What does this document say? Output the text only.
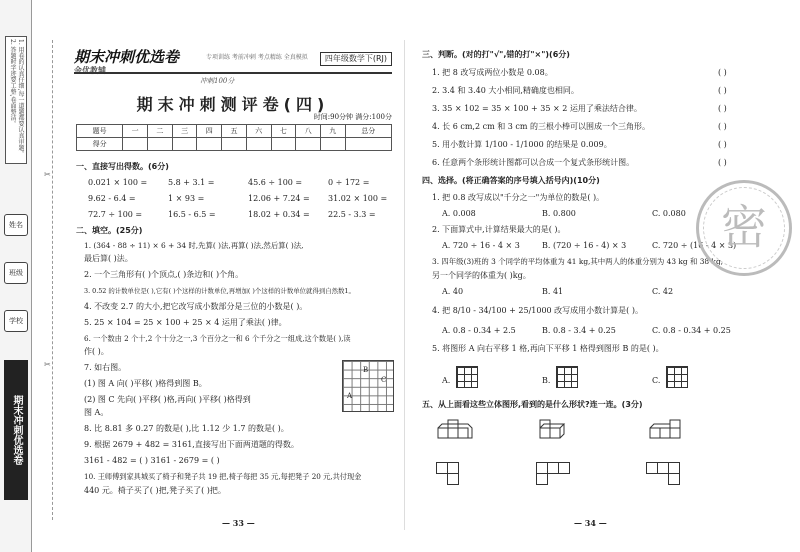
1. 用卷的认真仔细,每一道题都要认真审题。
2. 答题时字迹要工整,卷面整洁。
姓名
班级
学校
期末冲刺优选卷
✂
✂
期末冲刺优选卷
金优教辅
专项训练 考前冲刺 考点精练 全真模拟	四年级数学下(RJ)
冲刺100分
期末冲刺测评卷(四)
时间:90分钟 满分:100分
题号	一	二	三	四	五	六	七	八	九	总分
得分										
一、直接写出得数。(6分)
0.021 × 100 =	5.8 + 3.1 =	45.6 ÷ 100 =	0 ÷ 172 =
9.62 - 6.4 =	1 × 93 =	12.06 + 7.24 = 31.02 × 100 =
72.7 ÷ 100 =	16.5 - 6.5 =	18.02 + 0.34 = 22.5 - 3.3 =
二、填空。(25分)
1. (364 - 88 ÷ 11) × 6 + 34 时,先算( )法,再算( )法,然后算( )法,
最后算( )法。
2. 一个三角形有( )个顶点,( )条边和( )个角。
3. 0.52 的计数单位是( ),它有( )个这样的计数单位,再增加( )个这样的计数单位就得到自然数1。
4. 不改变 2.7 的大小,把它改写成小数部分是三位的小数是( )。
5. 25 × 104 = 25 × 100 + 25 × 4 运用了乘法( )律。
6. 一个数由 2 个十,2 个十分之一,3 个百分之一和 6 个千分之一组成,这个数是( ),读
作( )。
7. 如右图。
(1) 图 A 向( )平移( )格得到图 B。
(2) 图 C 先向( )平移( )格,再向( )平移( )格得到
图 A。
8. 比 8.81 多 0.27 的数是( ),比 1.12 少 1.7 的数是( )。
9. 根据 2679 + 482 = 3161,直接写出下面两道题的得数。
3161 - 482 = ( ) 3161 - 2679 = ( )
10. 王师傅到家具城买了椅子和凳子共 19 把,椅子每把 35 元,每把凳子 20 元,共付现金
440 元。椅子买了( )把,凳子买了( )把。
B
A
C
— 33 —
三、判断。(对的打"√",错的打"×")(6分)
1. 把 8 改写成两位小数是 0.08。	( )
2. 3.4 和 3.40 大小相同,精确度也相同。	( )
3. 35 × 102 = 35 × 100 + 35 × 2 运用了乘法结合律。	( )
4. 长 6 cm,2 cm 和 3 cm 的三根小棒可以围成一个三角形。	( )
5. 用小数计算 1/100 - 1/1000 的结果是 0.009。	( )
6. 任意两个条形统计图都可以合成一个复式条形统计图。	( )
四、选择。(将正确答案的序号填入括号内)(10分)
1. 把 0.8 改写成以"千分之一"为单位的数是( )。
A. 0.008	B. 0.800	C. 0.080
2. 下面算式中,计算结果最大的是( )。
A. 720 ÷ 16 - 4 × 3	B. (720 ÷ 16 - 4) × 3	C. 720 ÷ (16 - 4 × 3)
3. 四年级(3)班的 3 个同学的平均体重为 41 kg,其中两人的体重分别为 43 kg 和 38 kg,
另一个同学的体重为( )kg。
A. 40	B. 41	C. 42
4. 把 8/10 - 34/100 + 25/1000 改写成用小数计算是( )。
A. 0.8 - 0.34 + 2.5	B. 0.8 - 3.4 + 0.25	C. 0.8 - 0.34 + 0.25
5. 将图形 A 向右平移 1 格,再向下平移 1 格得到图形 B 的是( )。
A.	B.	C.
五、从上面看这些立体图形,看到的是什么形状?连一连。(3分)
— 34 —
密
